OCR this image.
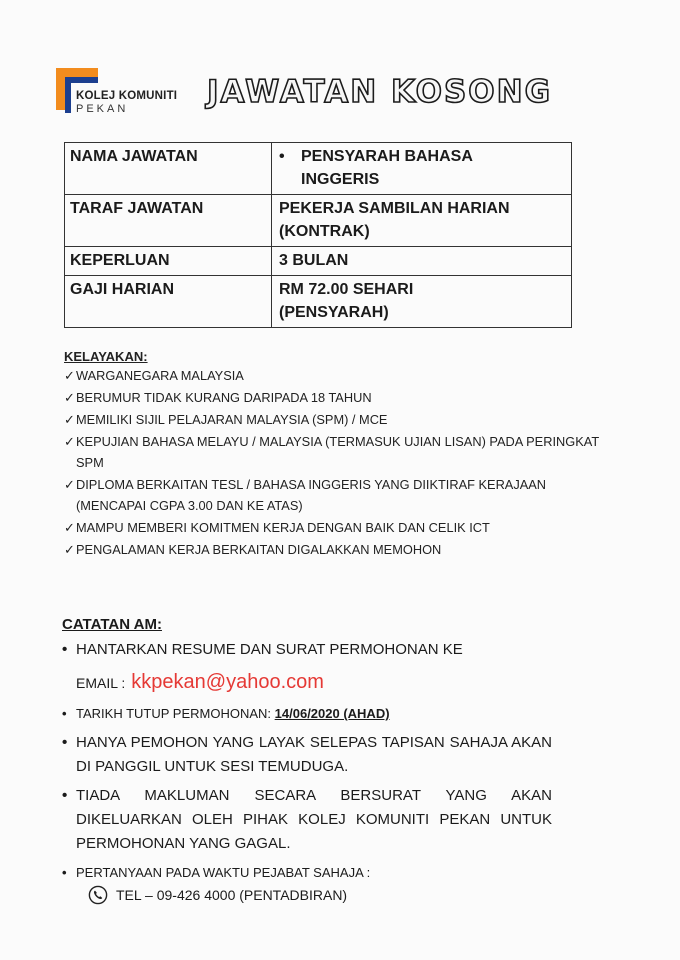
KOLEJ KOMUNITI
PEKAN	JAWATAN KOSONG
NAMA JAWATAN	• PENSYARAH BAHASA INGGERIS

TARAF JAWATAN	PEKERJA SAMBILAN HARIAN (KONTRAK)
KEPERLUAN	3 BULAN
GAJI HARIAN	RM 72.00 SEHARI (PENSYARAH)
KELAYAKAN:
✓ WARGANEGARA MALAYSIA
✓ BERUMUR TIDAK KURANG DARIPADA 18 TAHUN
✓ MEMILIKI SIJIL PELAJARAN MALAYSIA (SPM) / MCE
✓ KEPUJIAN BAHASA MELAYU / MALAYSIA (TERMASUK UJIAN LISAN) PADA PERINGKAT SPM
✓ DIPLOMA BERKAITAN TESL / BAHASA INGGERIS YANG DIIKTIRAF KERAJAAN (MENCAPAI CGPA 3.00 DAN KE ATAS)
✓ MAMPU MEMBERI KOMITMEN KERJA DENGAN BAIK DAN CELIK ICT
✓ PENGALAMAN KERJA BERKAITAN DIGALAKKAN MEMOHON
CATATAN AM:
• HANTARKAN RESUME DAN SURAT PERMOHONAN KE
EMAIL : kkpekan@yahoo.com
• TARIKH TUTUP PERMOHONAN: 14/06/2020 (AHAD)
• HANYA PEMOHON YANG LAYAK SELEPAS TAPISAN SAHAJA AKAN DI PANGGIL UNTUK SESI TEMUDUGA.
• TIADA MAKLUMAN SECARA BERSURAT YANG AKAN DIKELUARKAN OLEH PIHAK KOLEJ KOMUNITI PEKAN UNTUK PERMOHONAN YANG GAGAL.
• PERTANYAAN PADA WAKTU PEJABAT SAHAJA :
TEL – 09-426 4000 (PENTADBIRAN)
